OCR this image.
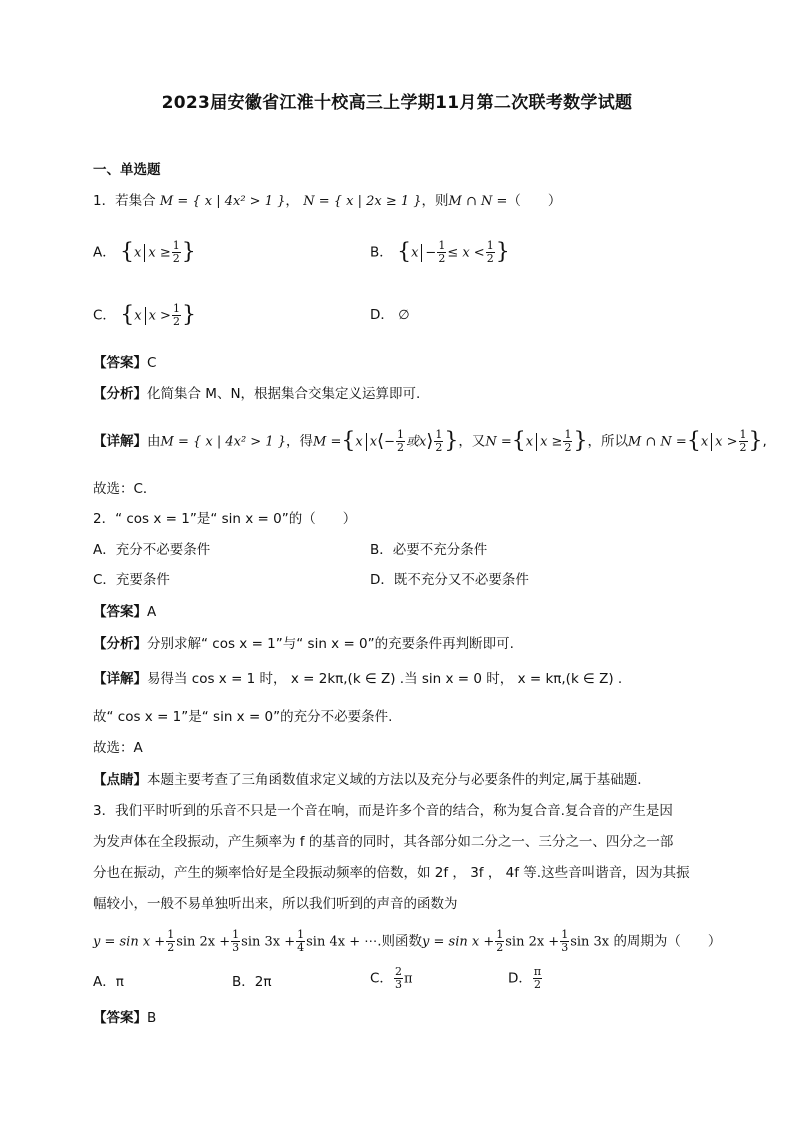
2023届安徽省江淮十校高三上学期11月第二次联考数学试题
一、单选题
1．若集合 M = { x | 4x² > 1 }， N = { x | 2x ≥ 1 }，则M ∩ N =（　　）
A． {x $x \ge \frac{1}{2}$ }	B． {$x - \frac{1}{2} \le x < \frac{1}{2}$ }
C． {x $x > \frac{1}{2}$ }	D． ∅
【答案】C
【分析】化简集合 M、N，根据集合交集定义运算即可.
【详解】由M = { x | 4x² > 1 }，得M ={x x⟨− $\frac{1}{2}$ 或x⟩ $\frac{1}{2}$ }，又N ={x $x \ge \frac{1}{2}$ }，所以M ∩ N ={x $x > \frac{1}{2}$ },
故选：C．
2．“ cos x = 1”是“ sin x = 0”的（　　）
A．充分不必要条件	B．必要不充分条件
C．充要条件	D．既不充分又不必要条件
【答案】A
【分析】分别求解“ cos x = 1”与“ sin x = 0”的充要条件再判断即可.
【详解】易得当 cos x = 1 时， x = 2kπ,(k ∈ Z) .当 sin x = 0 时， x = kπ,(k ∈ Z) .
故“ cos x = 1”是“ sin x = 0”的充分不必要条件.
故选：A
【点睛】本题主要考查了三角函数值求定义域的方法以及充分与必要条件的判定,属于基础题.
3．我们平时听到的乐音不只是一个音在响，而是许多个音的结合，称为复合音.复合音的产生是因
为发声体在全段振动，产生频率为 f 的基音的同时，其各部分如二分之一、三分之一、四分之一部
分也在振动，产生的频率恰好是全段振动频率的倍数，如 2f ， 3f ， 4f 等.这些音叫谐音，因为其振
幅较小，一般不易单独听出来，所以我们听到的声音的函数为
$y = \sin x + \frac{1}{2}$ $\sin 2x + \frac{1}{3}$ $\sin 3x + \frac{1}{4}$ sin 4x + ⋯.则函数$y = \sin x + \frac{1}{2}$ $\sin 2x + \frac{1}{3}$ sin 3x 的周期为（　　）
A．π	B．2π	C． $\frac{2}{3}$ π	D． $\frac{\pi}{2}$
【答案】B
